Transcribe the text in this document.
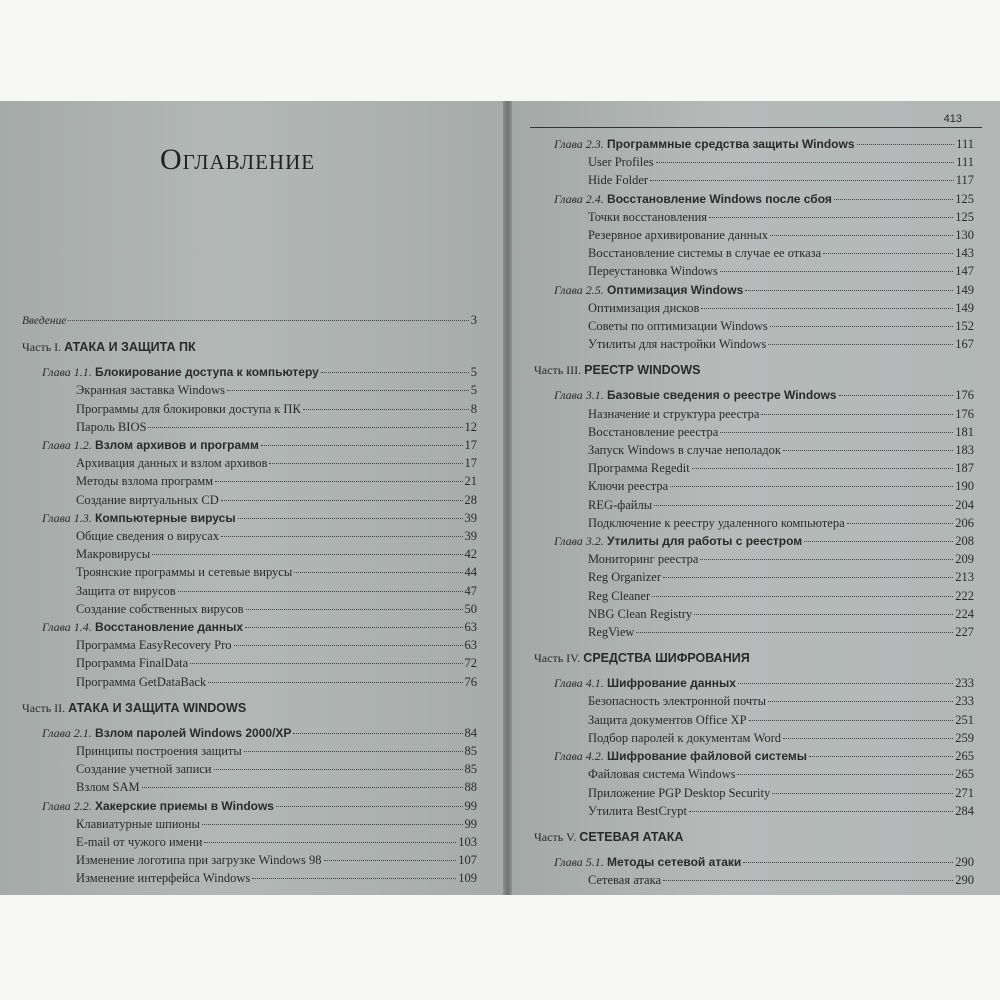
Оглавление
Введение	3
Часть I. АТАКА И ЗАЩИТА ПК
Глава 1.1. Блокирование доступа к компьютеру	5
Экранная заставка Windows	5
Программы для блокировки доступа к ПК	8
Пароль BIOS	12
Глава 1.2. Взлом архивов и программ	17
Архивация данных и взлом архивов	17
Методы взлома программ	21
Создание виртуальных CD	28
Глава 1.3. Компьютерные вирусы	39
Общие сведения о вирусах	39
Макровирусы	42
Троянские программы и сетевые вирусы	44
Защита от вирусов	47
Создание собственных вирусов	50
Глава 1.4. Восстановление данных	63
Программа EasyRecovery Pro	63
Программа FinalData	72
Программа GetDataBack	76
Часть II. АТАКА И ЗАЩИТА WINDOWS
Глава 2.1. Взлом паролей Windows 2000/XP	84
Принципы построения защиты	85
Создание учетной записи	85
Взлом SAM	88
Глава 2.2. Хакерские приемы в Windows	99
Клавиатурные шпионы	99
E-mail от чужого имени	103
Изменение логотипа при загрузке Windows 98	107
Изменение интерфейса Windows	109
413
Глава 2.3. Программные средства защиты Windows	111
User Profiles	111
Hide Folder	117
Глава 2.4. Восстановление Windows после сбоя	125
Точки восстановления	125
Резервное архивирование данных	130
Восстановление системы в случае ее отказа	143
Переустановка Windows	147
Глава 2.5. Оптимизация Windows	149
Оптимизация дисков	149
Советы по оптимизации Windows	152
Утилиты для настройки Windows	167
Часть III. РЕЕСТР WINDOWS
Глава 3.1. Базовые сведения о реестре Windows	176
Назначение и структура реестра	176
Восстановление реестра	181
Запуск Windows в случае неполадок	183
Программа Regedit	187
Ключи реестра	190
REG-файлы	204
Подключение к реестру удаленного компьютера	206
Глава 3.2. Утилиты для работы с реестром	208
Мониторинг реестра	209
Reg Organizer	213
Reg Cleaner	222
NBG Clean Registry	224
RegView	227
Часть IV. СРЕДСТВА ШИФРОВАНИЯ
Глава 4.1. Шифрование данных	233
Безопасность электронной почты	233
Защита документов Office XP	251
Подбор паролей к документам Word	259
Глава 4.2. Шифрование файловой системы	265
Файловая система Windows	265
Приложение PGP Desktop Security	271
Утилита BestCrypt	284
Часть V. СЕТЕВАЯ АТАКА
Глава 5.1. Методы сетевой атаки	290
Сетевая атака	290
